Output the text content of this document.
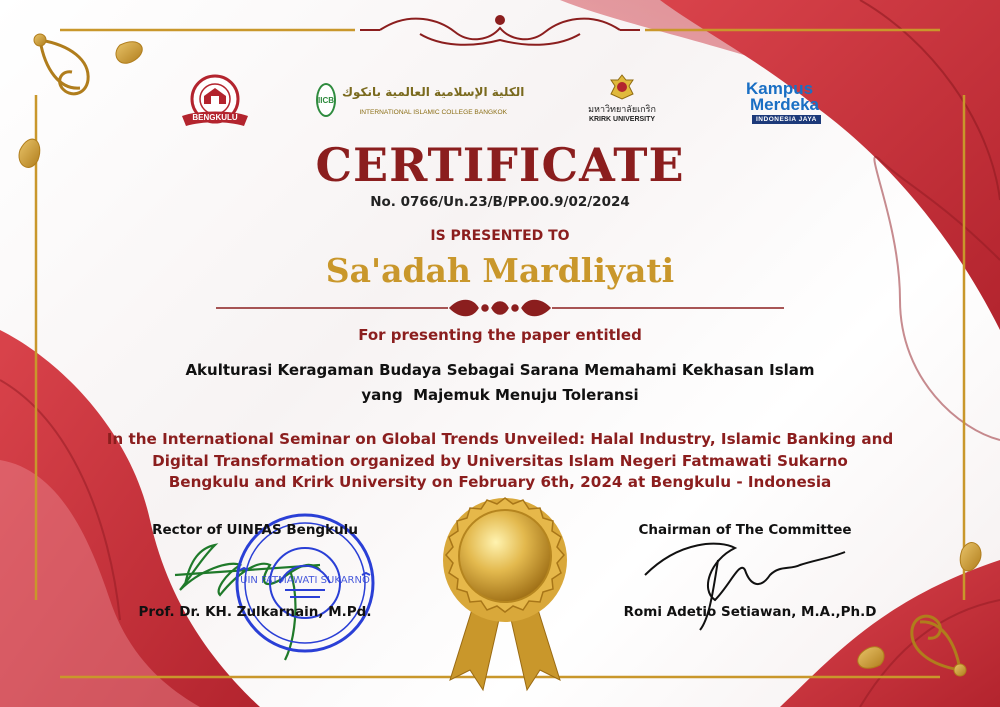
UIN FATMAWATI SUKARNO
BENGKULU
IICB
الكلية الإسلامية العالمية بانكوك
INTERNATIONAL ISLAMIC COLLEGE BANGKOK	มหาวิทยาลัยเกริก
KRIRK UNIVERSITY
Kampus
Merdeka
INDONESIA JAYA
CERTIFICATE
No. 0766/Un.23/B/PP.00.9/02/2024
IS PRESENTED TO
Sa'adah Mardliyati
For presenting the paper entitled
Akulturasi Keragaman Budaya Sebagai Sarana Memahami Kekhasan Islam
yang  Majemuk Menuju Toleransi
In the International Seminar on Global Trends Unveiled: Halal Industry, Islamic Banking and
Digital Transformation organized by Universitas Islam Negeri Fatmawati Sukarno
Bengkulu and Krirk University on February 6th, 2024 at Bengkulu - Indonesia
Rector of UINFAS Bengkulu
Prof. Dr. KH. Zulkarnain, M.Pd.
Chairman of The Committee
Romi Adetio Setiawan, M.A.,Ph.D
